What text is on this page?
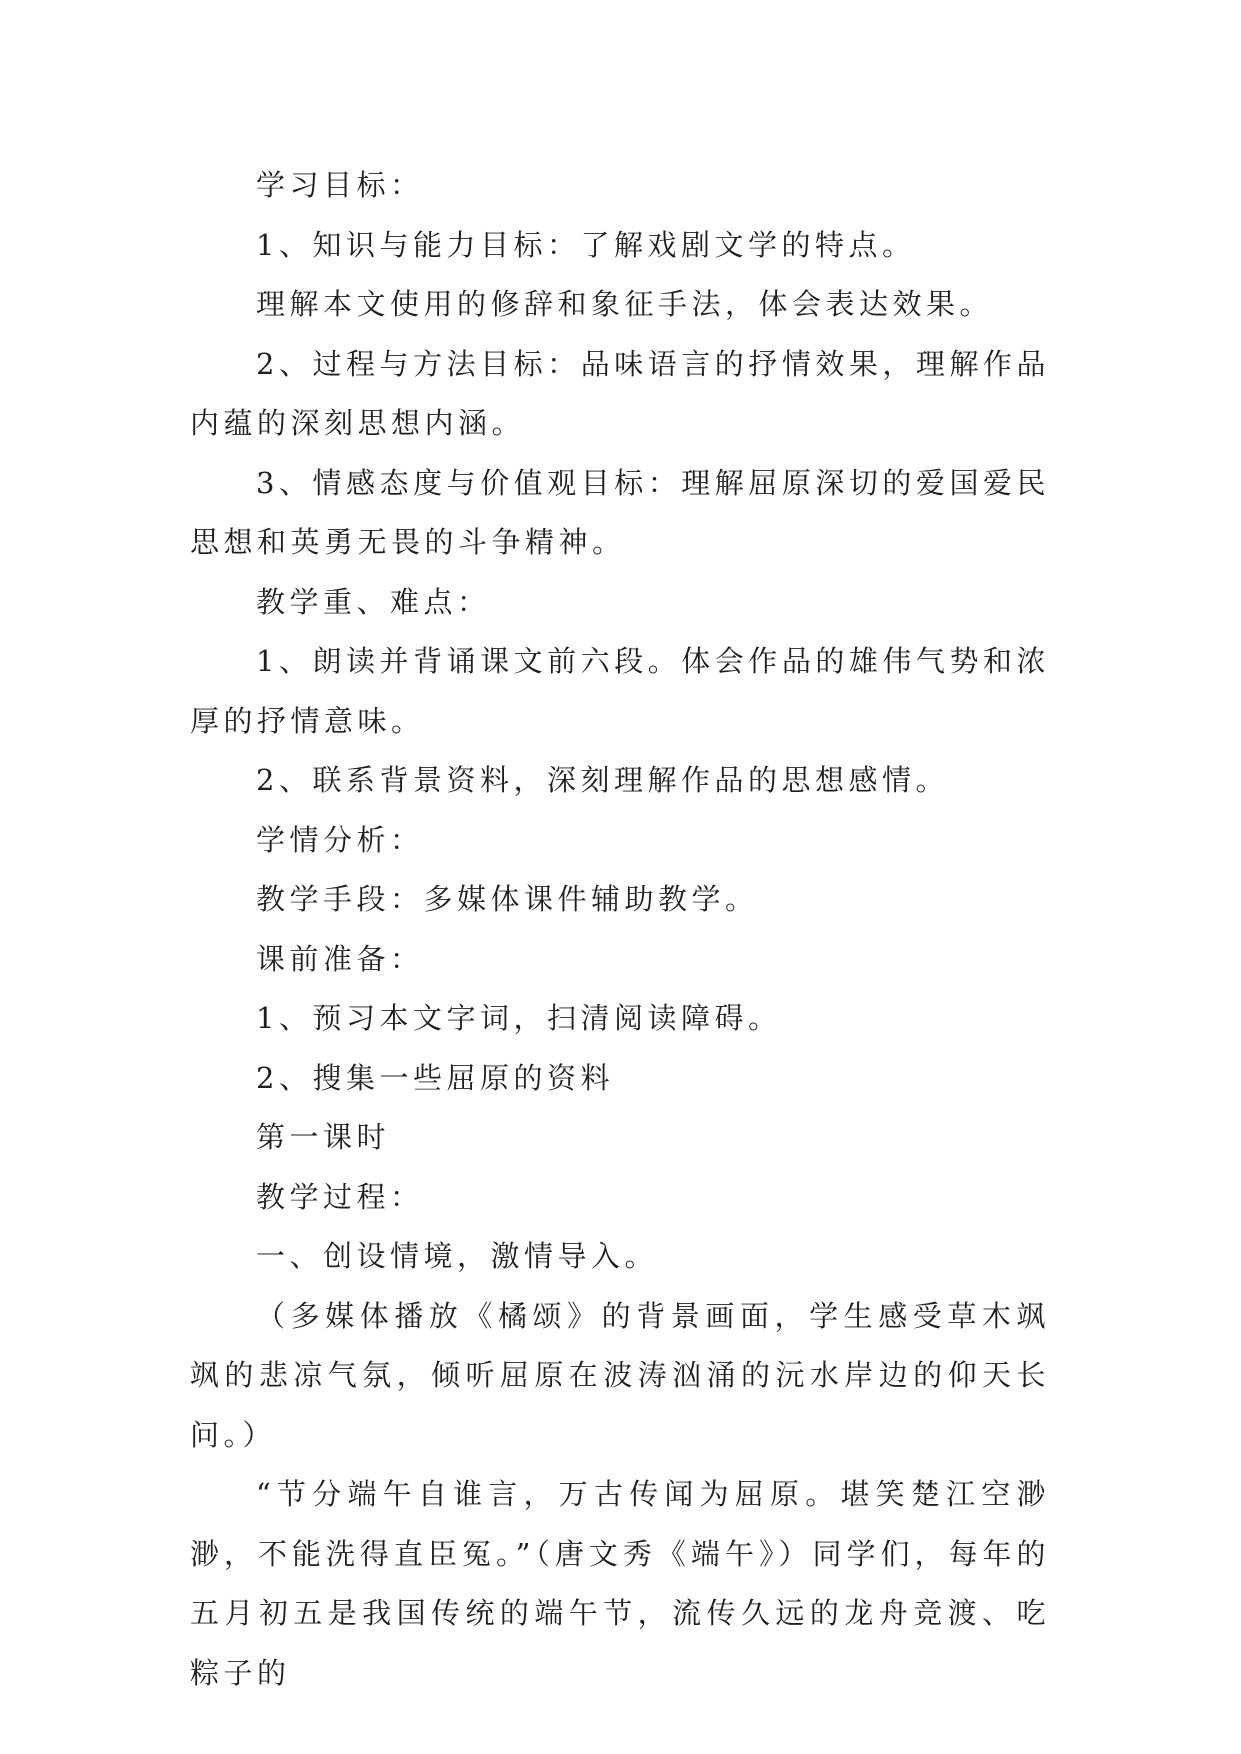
学习目标：

1、知识与能力目标：了解戏剧文学的特点。

理解本文使用的修辞和象征手法，体会表达效果。

2、过程与方法目标：品味语言的抒情效果，理解作品内蕴的深刻思想内涵。

3、情感态度与价值观目标：理解屈原深切的爱国爱民思想和英勇无畏的斗争精神。

教学重、难点：

1、朗读并背诵课文前六段。体会作品的雄伟气势和浓厚的抒情意味。

2、联系背景资料，深刻理解作品的思想感情。

学情分析：

教学手段：多媒体课件辅助教学。

课前准备：

1、预习本文字词，扫清阅读障碍。

2、搜集一些屈原的资料

第一课时

教学过程：

一、创设情境，激情导入。

（多媒体播放《橘颂》的背景画面，学生感受草木飒飒的悲凉气氛，倾听屈原在波涛汹涌的沅水岸边的仰天长问。）

“节分端午自谁言，万古传闻为屈原。堪笑楚江空渺渺，不能洗得直臣冤。”（唐文秀《端午》）同学们，每年的五月初五是我国传统的端午节，流传久远的龙舟竞渡、吃粽子的
